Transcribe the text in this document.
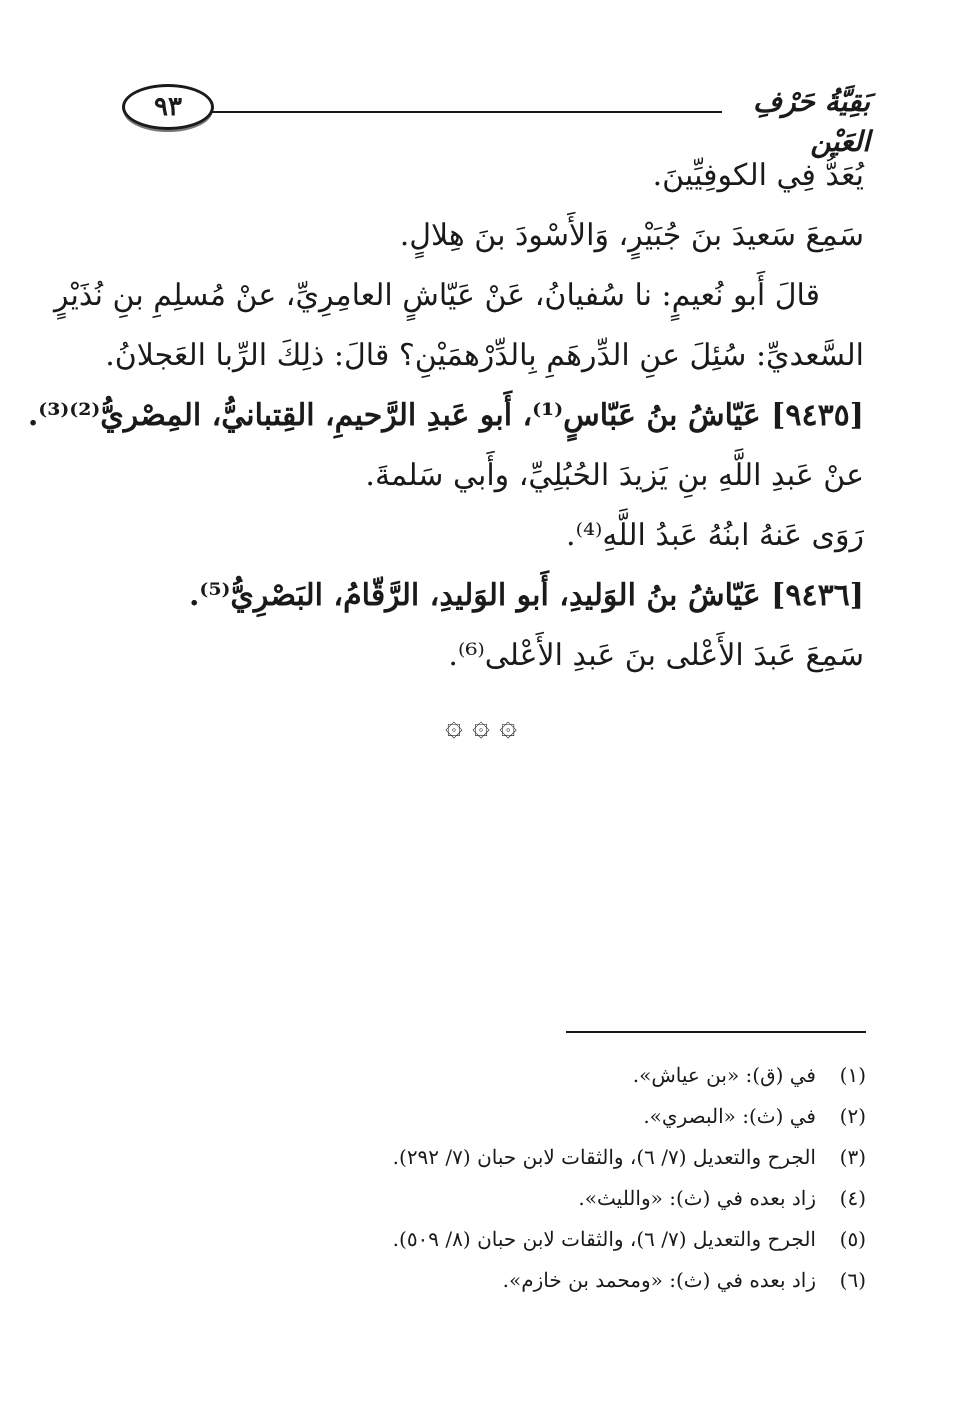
٩٣	بَقِيَّةُ حَرْفِ العَيْن
يُعَدُّ فِي الكوفِيِّينَ.
سَمِعَ سَعيدَ بنَ جُبَيْرٍ، وَالأَسْودَ بنَ هِلالٍ.
قالَ أَبو نُعيمٍ: نا سُفيانُ، عَنْ عَيّاشٍ العامِرِيِّ، عنْ مُسلِمِ بنِ نُذَيْرٍ
السَّعديِّ: سُئِلَ عنِ الدِّرهَمِ بِالدِّرْهمَيْنِ؟ قالَ: ذلِكَ الرِّبا العَجلانُ.
[٩٤٣٥] عَيّاشُ بنُ عَبّاسٍ⁽¹⁾، أَبو عَبدِ الرَّحيمِ، القِتبانيُّ، المِصْريُّ⁽²⁾⁽³⁾.
عنْ عَبدِ اللَّهِ بنِ يَزيدَ الحُبُلِيِّ، وأَبي سَلمةَ.
رَوَى عَنهُ ابنُهُ عَبدُ اللَّهِ⁽⁴⁾.
[٩٤٣٦] عَيّاشُ بنُ الوَليدِ، أَبو الوَليدِ، الرَّقّامُ، البَصْرِيُّ⁽⁵⁾.
سَمِعَ عَبدَ الأَعْلى بنَ عَبدِ الأَعْلى⁽⁶⁾.
۞ ۞ ۞
(١)في (ق): «بن عياش».
(٢)في (ث): «البصري».
(٣)الجرح والتعديل (٧/ ٦)، والثقات لابن حبان (٧/ ٢٩٢).
(٤)زاد بعده في (ث): «والليث».
(٥)الجرح والتعديل (٧/ ٦)، والثقات لابن حبان (٨/ ٥٠٩).
(٦)زاد بعده في (ث): «ومحمد بن خازم».
